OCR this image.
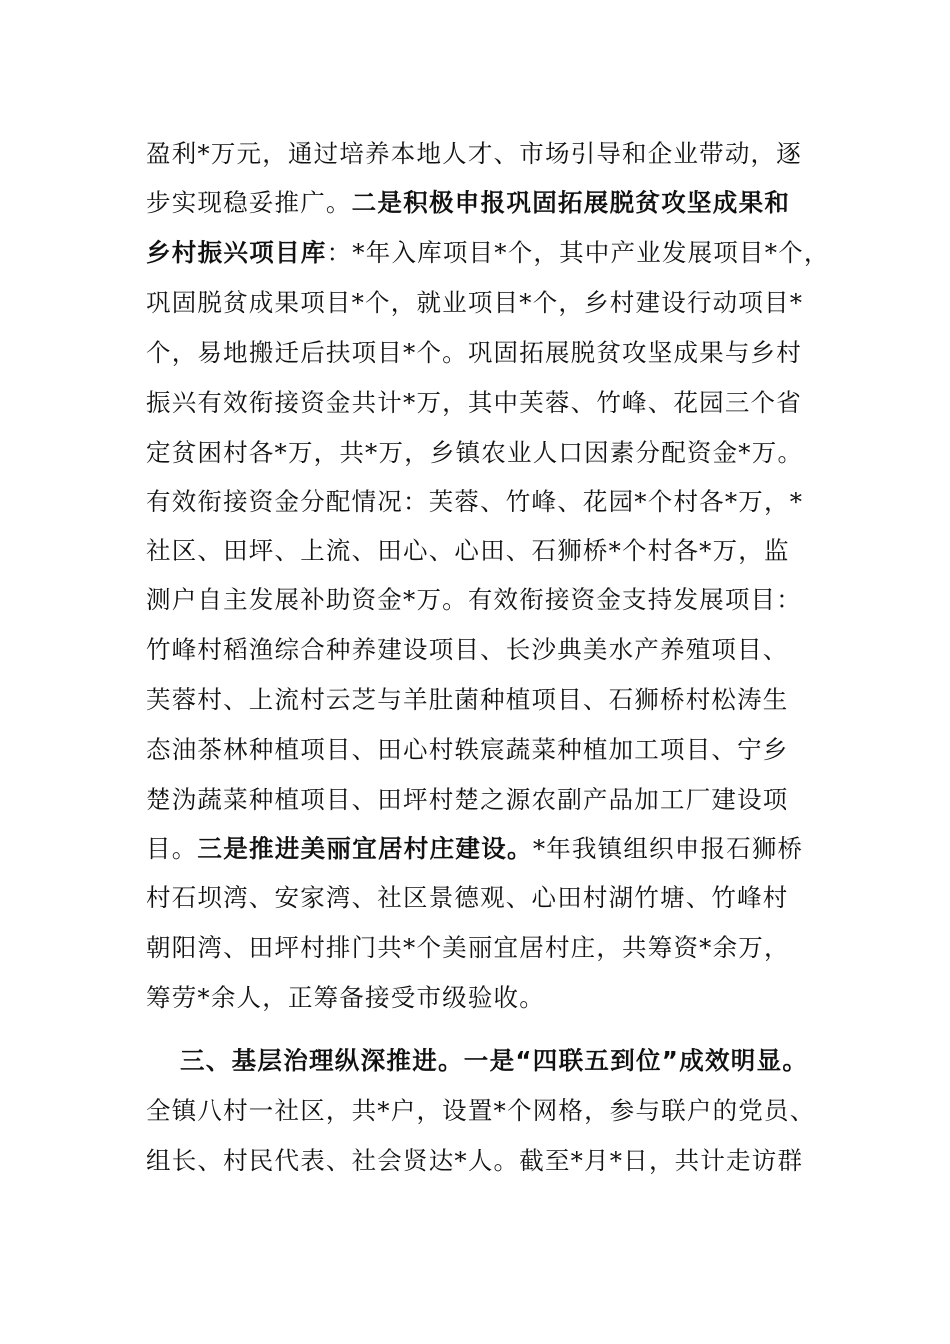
盈利*万元，通过培养本地人才、市场引导和企业带动，逐
步实现稳妥推广。二是积极申报巩固拓展脱贫攻坚成果和
乡村振兴项目库：*年入库项目*个，其中产业发展项目*个，
巩固脱贫成果项目*个，就业项目*个，乡村建设行动项目*
个，易地搬迁后扶项目*个。巩固拓展脱贫攻坚成果与乡村
振兴有效衔接资金共计*万，其中芙蓉、竹峰、花园三个省
定贫困村各*万，共*万，乡镇农业人口因素分配资金*万。
有效衔接资金分配情况：芙蓉、竹峰、花园*个村各*万，*
社区、田坪、上流、田心、心田、石狮桥*个村各*万，监
测户自主发展补助资金*万。有效衔接资金支持发展项目：
竹峰村稻渔综合种养建设项目、长沙典美水产养殖项目、
芙蓉村、上流村云芝与羊肚菌种植项目、石狮桥村松涛生
态油茶林种植项目、田心村轶宸蔬菜种植加工项目、宁乡
楚沩蔬菜种植项目、田坪村楚之源农副产品加工厂建设项
目。三是推进美丽宜居村庄建设。*年我镇组织申报石狮桥
村石坝湾、安家湾、社区景德观、心田村湖竹塘、竹峰村
朝阳湾、田坪村排门共*个美丽宜居村庄，共筹资*余万，
筹劳*余人，正筹备接受市级验收。
三、基层治理纵深推进。一是“四联五到位”成效明显。
全镇八村一社区，共*户，设置*个网格，参与联户的党员、
组长、村民代表、社会贤达*人。截至*月*日，共计走访群
